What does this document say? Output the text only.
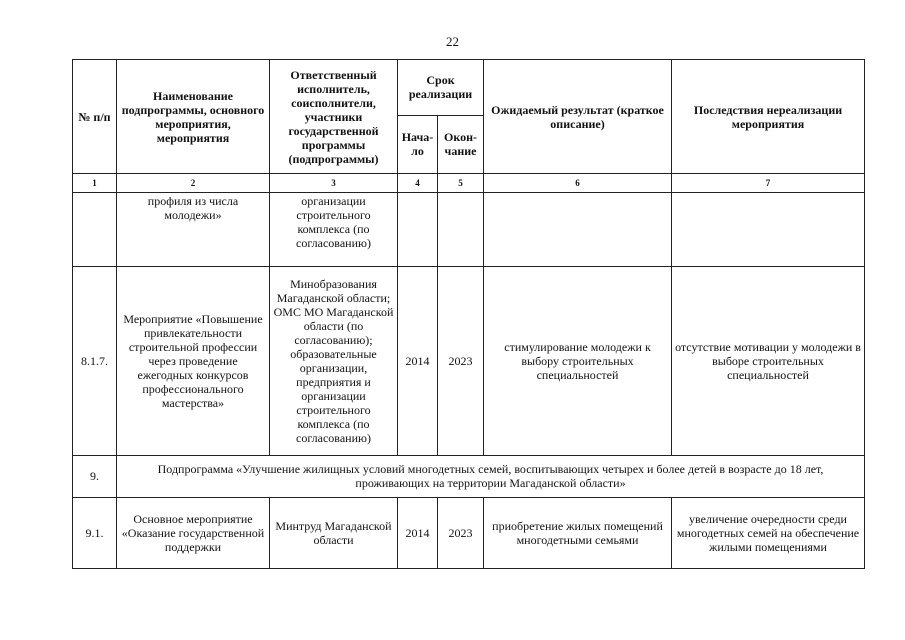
22
№ п/п	Наименование подпрограммы, основного мероприятия, мероприятия	Ответственный исполнитель, соисполнители, участники государственной программы (подпрограммы)	Срок реализации		Ожидаемый результат (краткое описание)	Последствия нереализации мероприятия
			Нача-ло	Окон-чание		
1	2	3	4	5	6	7
	профиля из числа молодежи»	организации строительного комплекса (по согласованию)				
8.1.7.	Мероприятие «Повышение привлекательности строительной профессии через проведение ежегодных конкурсов профессионального мастерства»	Минобразования Магаданской области; ОМС МО Магаданской области (по согласованию); образовательные организации, предприятия и организации строительного комплекса (по согласованию)	2014	2023	стимулирование молодежи к выбору строительных специальностей	отсутствие мотивации у молодежи в выборе строительных специальностей
9.	Подпрограмма «Улучшение жилищных условий многодетных семей, воспитывающих четырех и более детей в возрасте до 18 лет, проживающих на территории Магаданской области»					
9.1.	Основное мероприятие «Оказание государственной поддержки	Минтруд Магаданской области	2014	2023	приобретение жилых помещений многодетными семьями	увеличение очередности среди многодетных семей на обеспечение жилыми помещениями
